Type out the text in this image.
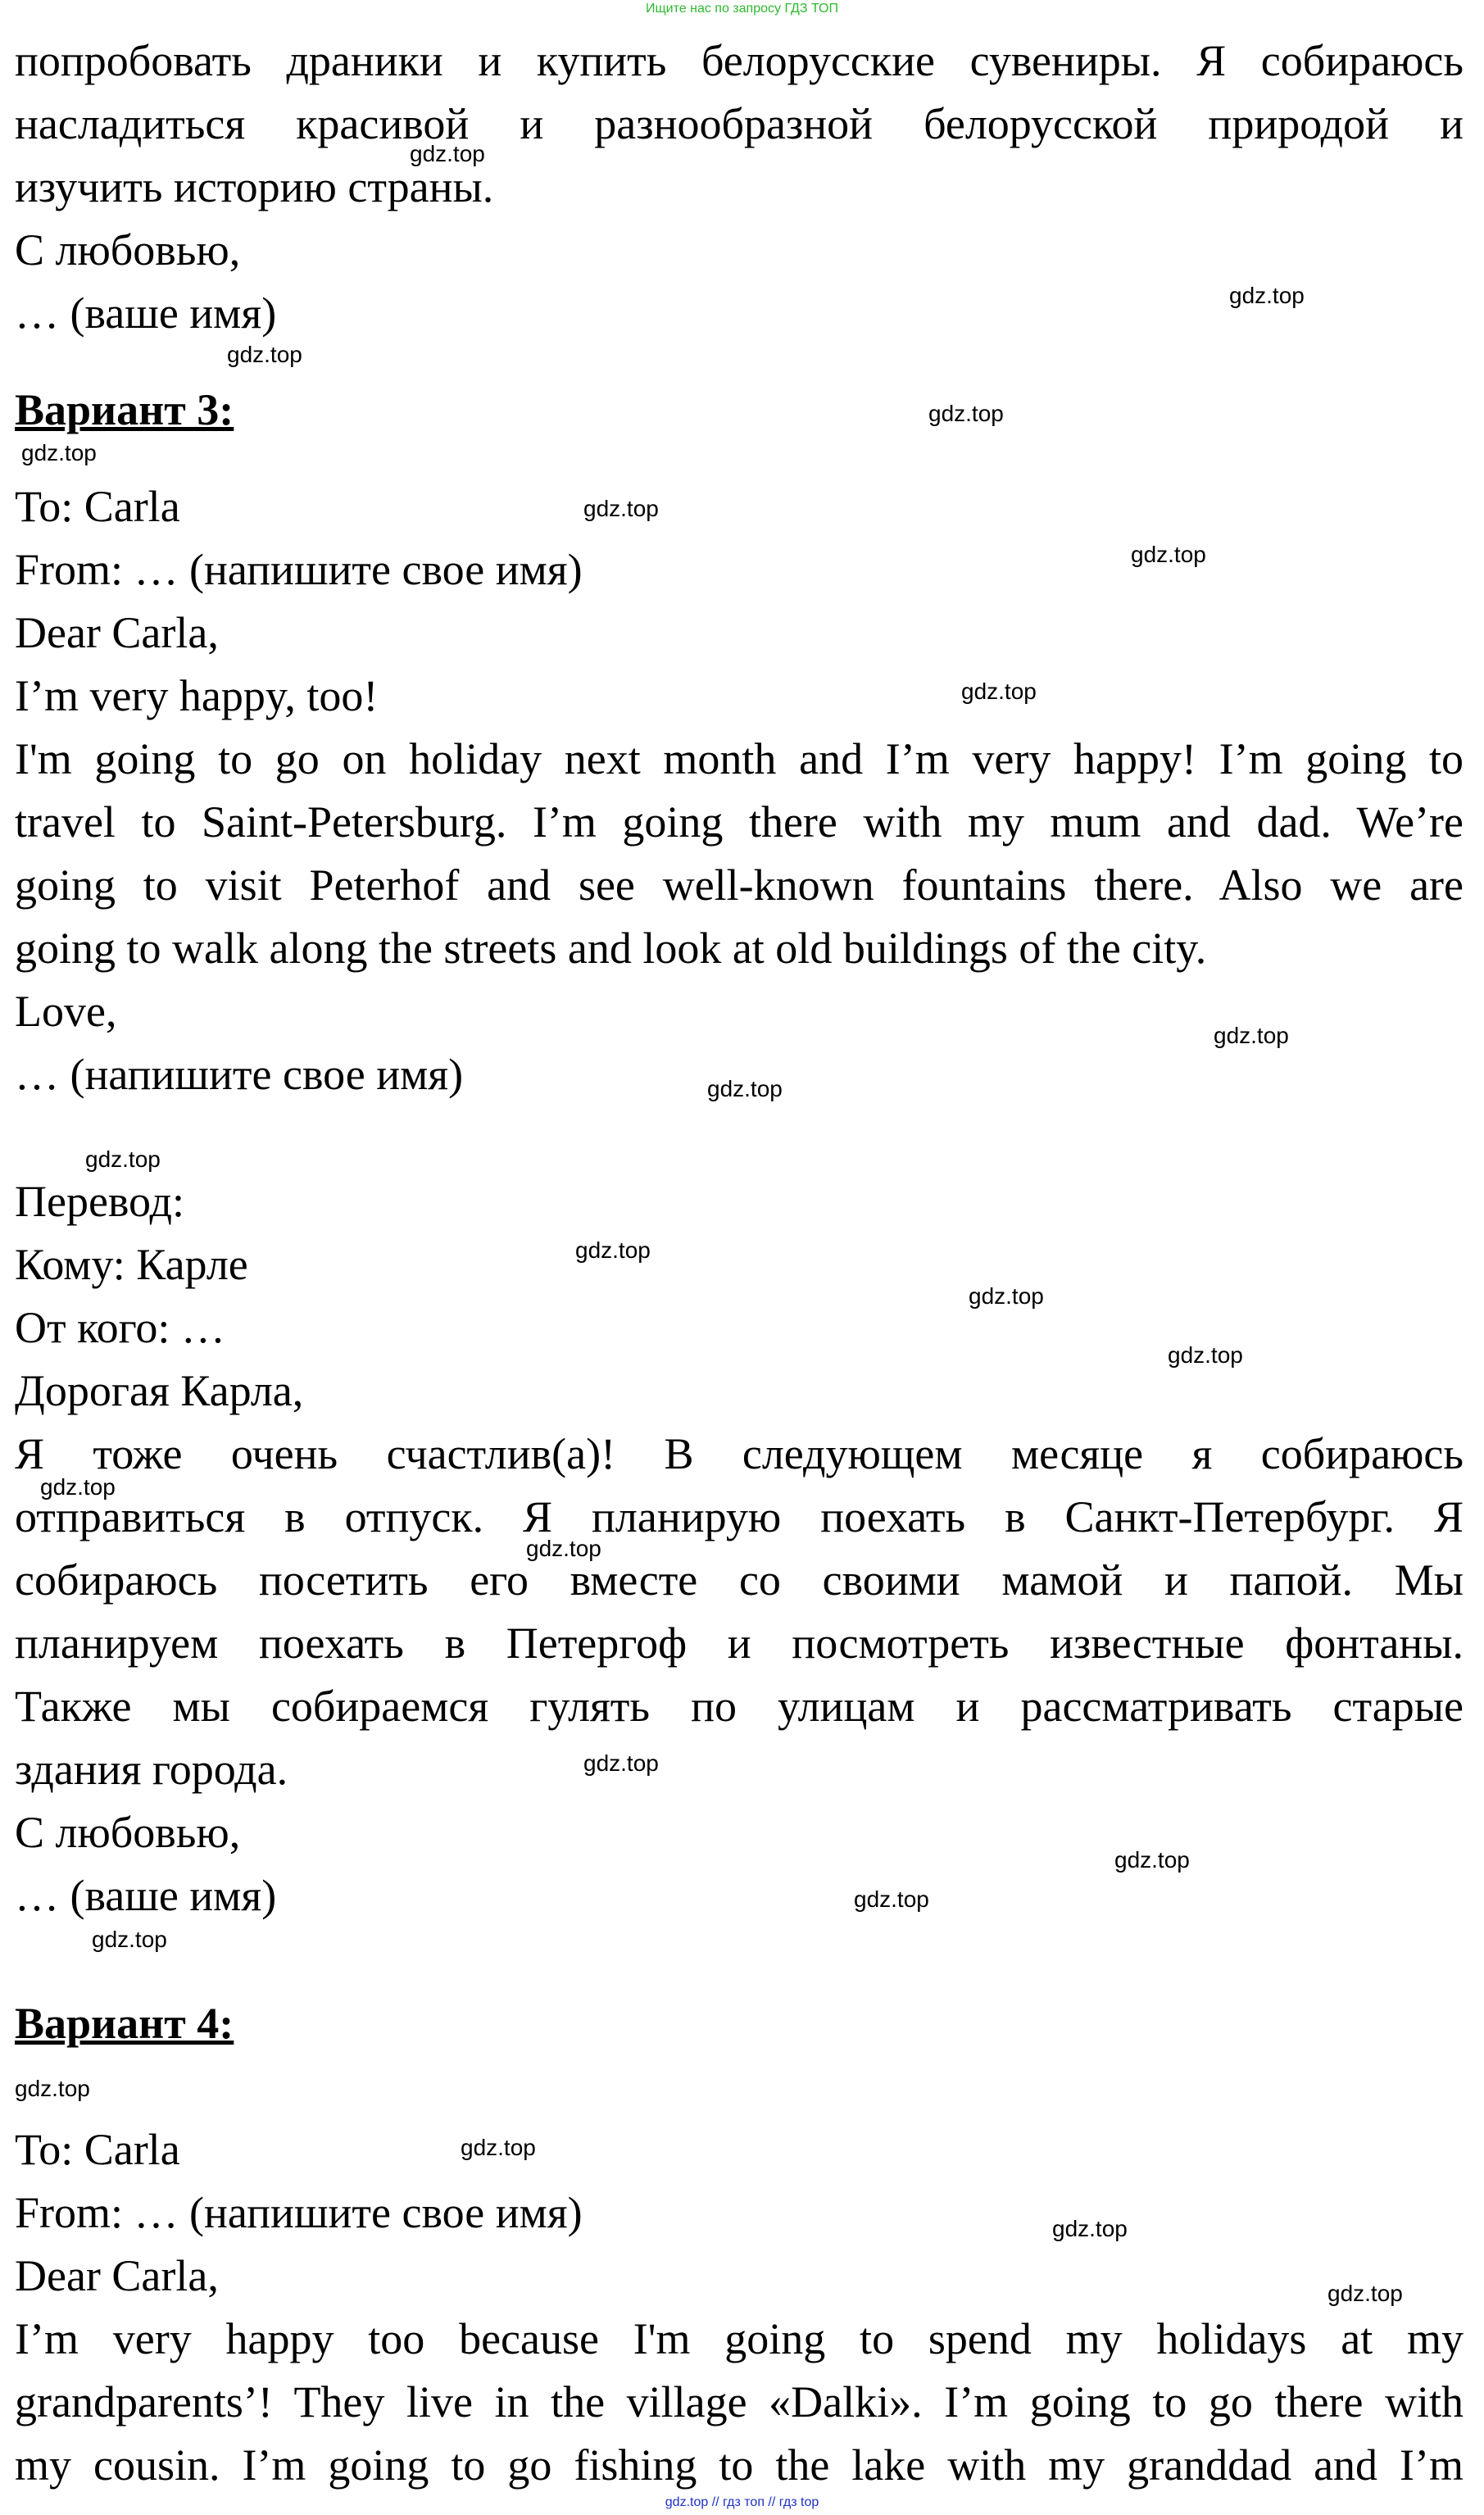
Ищите нас по запросу ГДЗ ТОП
попробовать драники и купить белорусские сувениры. Я собираюсь
насладиться красивой и разнообразной белорусской природой и
изучить историю страны.
С любовью,
… (ваше имя)
Вариант 3:
To: Carla
From: … (напишите свое имя)
Dear Carla,
I’m very happy, too!
I'm going to go on holiday next month and I’m very happy! I’m going to
travel to Saint-Petersburg. I’m going there with my mum and dad. We’re
going to visit Peterhof and see well-known fountains there. Also we are
going to walk along the streets and look at old buildings of the city.
Love,
… (напишите свое имя)
Перевод:
Кому: Карле
От кого: …
Дорогая Карла,
Я тоже очень счастлив(а)! В следующем месяце я собираюсь
отправиться в отпуск. Я планирую поехать в Санкт-Петербург. Я
собираюсь посетить его вместе со своими мамой и папой. Мы
планируем поехать в Петергоф и посмотреть известные фонтаны.
Также мы собираемся гулять по улицам и рассматривать старые
здания города.
С любовью,
… (ваше имя)
Вариант 4:
To: Carla
From: … (напишите свое имя)
Dear Carla,
I’m very happy too because I'm going to spend my holidays at my
grandparents’! They live in the village «Dalki». I’m going to go there with
my cousin. I’m going to go fishing to the lake with my granddad and I’m
gdz.top
gdz.top
gdz.top
gdz.top
gdz.top
gdz.top
gdz.top
gdz.top
gdz.top
gdz.top
gdz.top
gdz.top
gdz.top
gdz.top
gdz.top
gdz.top
gdz.top
gdz.top
gdz.top
gdz.top
gdz.top
gdz.top
gdz.top
gdz.top
gdz.top // гдз топ // гдз top
